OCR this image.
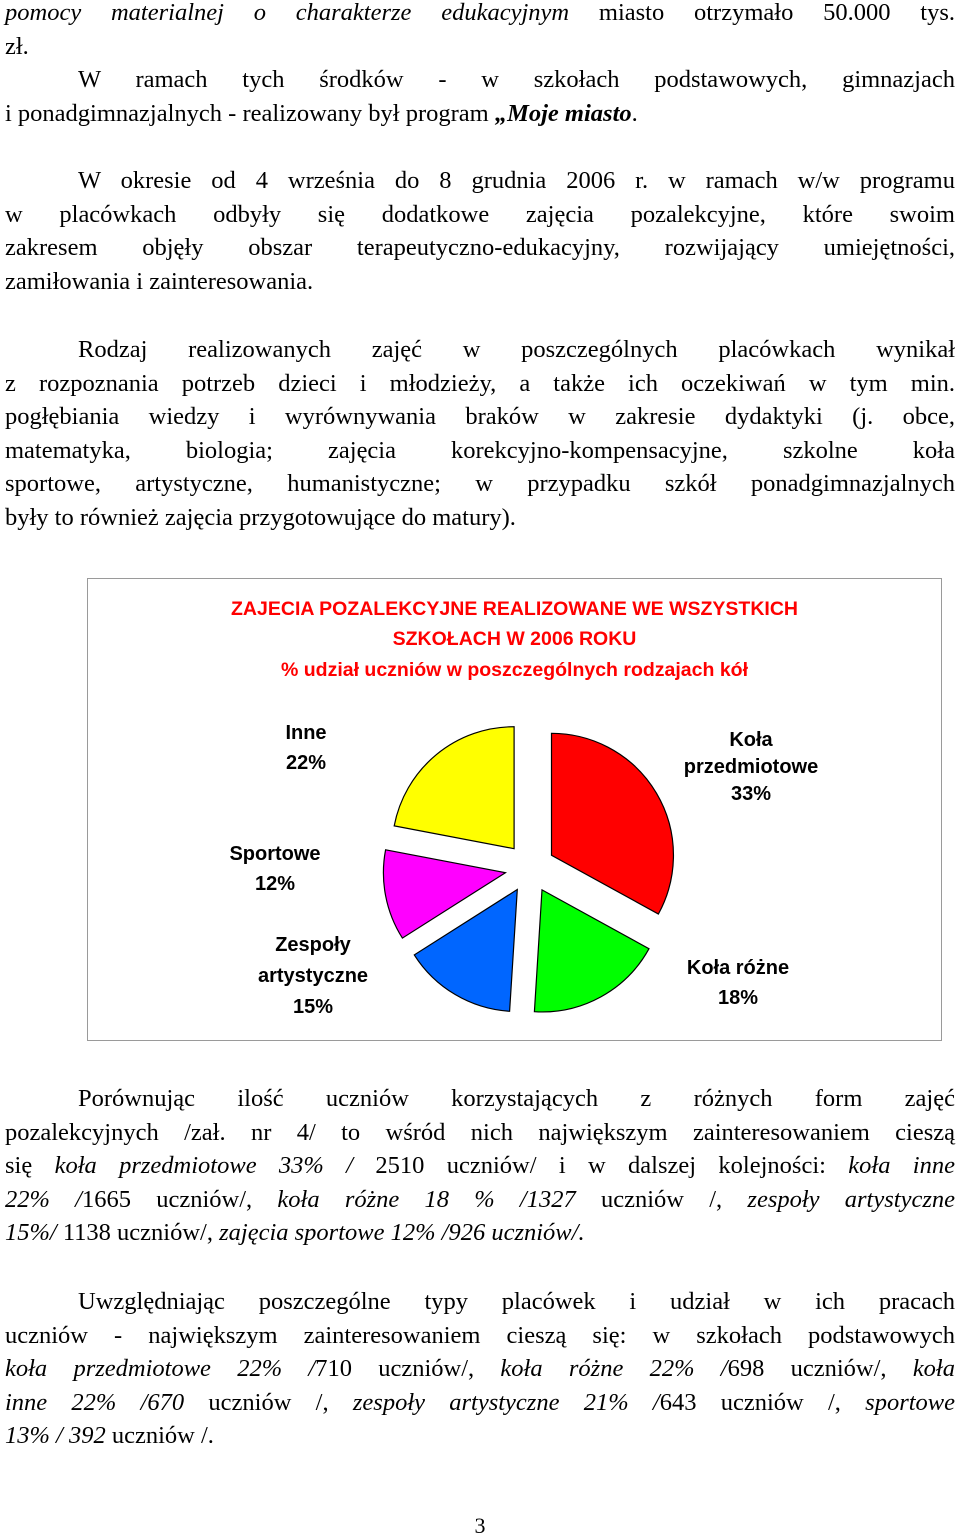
pomocy materialnej o charakterze edukacyjnym miasto otrzymało 50.000 tys.
zł.

W ramach tych środków - w szkołach podstawowych, gimnazjach
i ponadgimnazjalnych - realizowany był program „Moje miasto.

W okresie od 4 września do 8 grudnia 2006 r. w ramach w/w programu
w placówkach odbyły się dodatkowe zajęcia pozalekcyjne, które swoim
zakresem objęły obszar terapeutyczno-edukacyjny, rozwijający umiejętności,
zamiłowania i zainteresowania.

Rodzaj realizowanych zajęć w poszczególnych placówkach wynikał
z rozpoznania potrzeb dzieci i młodzieży, a także ich oczekiwań w tym min.
pogłębiania wiedzy i wyrównywania braków w zakresie dydaktyki (j. obce,
matematyka, biologia; zajęcia korekcyjno-kompensacyjne, szkolne koła
sportowe, artystyczne, humanistyczne; w przypadku szkół ponadgimnazjalnych
były to również zajęcia przygotowujące do matury).

ZAJECIA POZALEKCYJNE REALIZOWANE WE WSZYSTKICH
SZKOŁACH W 2006 ROKU
% udział uczniów w poszczególnych rodzajach kół
Inne
22%
Koła
przedmiotowe
33%
Sportowe
12%
Zespoły
artystyczne
15%
Koła różne
18%

Porównując ilość uczniów korzystających z różnych form zajęć
pozalekcyjnych /zał. nr 4/ to wśród nich największym zainteresowaniem cieszą
się koła przedmiotowe 33% / 2510 uczniów/ i w dalszej kolejności: koła inne
22% /1665 uczniów/, koła różne 18 % /1327 uczniów /, zespoły artystyczne
15%/ 1138 uczniów/, zajęcia sportowe 12% /926 uczniów/.

Uwzględniając poszczególne typy placówek i udział w ich pracach
uczniów - największym zainteresowaniem cieszą się: w szkołach podstawowych
koła przedmiotowe 22% /710 uczniów/, koła różne 22% /698 uczniów/, koła
inne 22% /670 uczniów /, zespoły artystyczne 21% /643 uczniów /, sportowe
13% / 392 uczniów /.

3
